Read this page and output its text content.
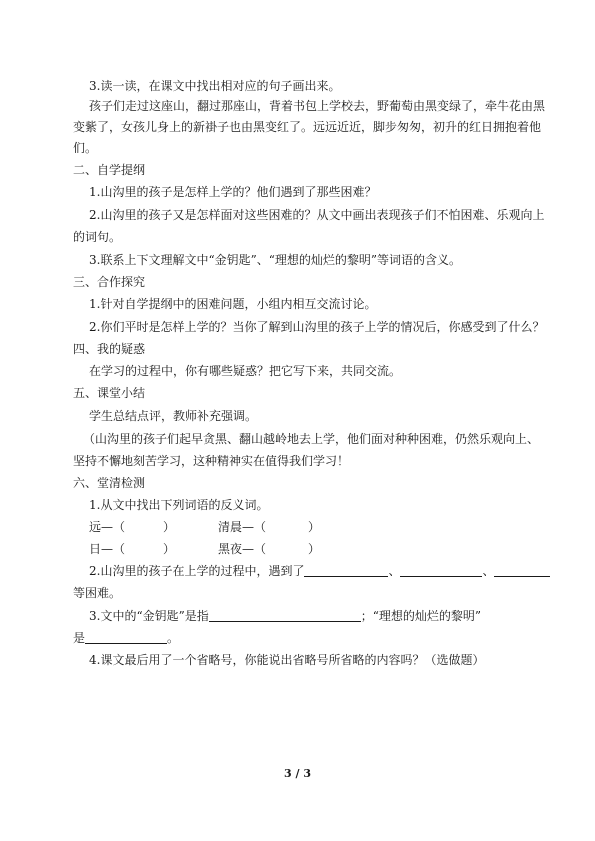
3.读一读，在课文中找出相对应的句子画出来。
孩子们走过这座山，翻过那座山，背着书包上学校去，野葡萄由黑变绿了，牵牛花由黑
变紫了，女孩儿身上的新褂子也由黑变红了。远远近近，脚步匆匆，初升的红日拥抱着他
们。
二、自学提纲
1.山沟里的孩子是怎样上学的？他们遇到了那些困难？
2.山沟里的孩子又是怎样面对这些困难的？从文中画出表现孩子们不怕困难、乐观向上
的词句。
3.联系上下文理解文中“金钥匙”、“理想的灿烂的黎明”等词语的含义。
三、合作探究
1.针对自学提纲中的困难问题，小组内相互交流讨论。
2.你们平时是怎样上学的？当你了解到山沟里的孩子上学的情况后，你感受到了什么？
四、我的疑惑
在学习的过程中，你有哪些疑惑？把它写下来，共同交流。
五、课堂小结
学生总结点评，教师补充强调。
（山沟里的孩子们起早贪黑、翻山越岭地去上学，他们面对种种困难，仍然乐观向上、
坚持不懈地刻苦学习，这种精神实在值得我们学习！
六、堂清检测
1.从文中找出下列词语的反义词。
远—（	）	清晨—（	）
日—（	）	黑夜—（	）
2.山沟里的孩子在上学的过程中，遇到了	、	、
等困难。
3.文中的“金钥匙”是指	；“理想的灿烂的黎明”
是	。
4.课文最后用了一个省略号，你能说出省略号所省略的内容吗？（选做题）
3 / 3
